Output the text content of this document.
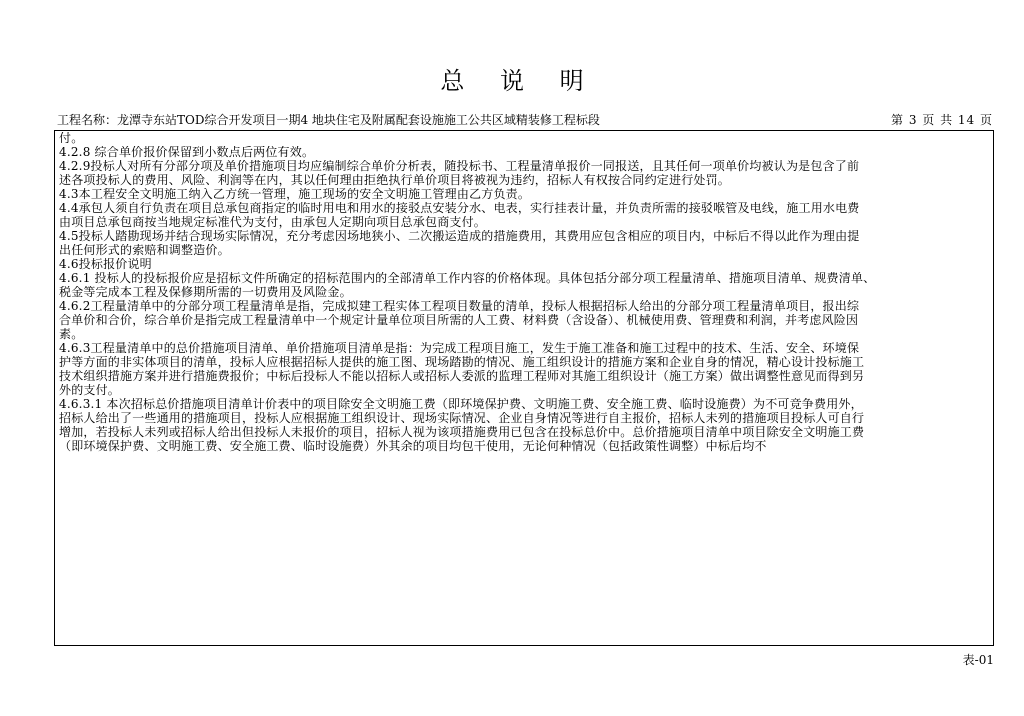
总 说 明
工程名称：龙潭寺东站TOD综合开发项目一期4 地块住宅及附属配套设施施工公共区域精装修工程标段	第 3 页 共 14 页
付。
4.2.8 综合单价报价保留到小数点后两位有效。
4.2.9投标人对所有分部分项及单价措施项目均应编制综合单价分析表，随投标书、工程量清单报价一同报送，且其任何一项单价均被认为是包含了前
述各项投标人的费用、风险、利润等在内，其以任何理由拒绝执行单价项目将被视为违约，招标人有权按合同约定进行处罚。
4.3本工程安全文明施工纳入乙方统一管理，施工现场的安全文明施工管理由乙方负责。
4.4承包人须自行负责在项目总承包商指定的临时用电和用水的接驳点安装分水、电表，实行挂表计量，并负责所需的接驳喉管及电线，施工用水电费
由项目总承包商按当地规定标准代为支付，由承包人定期向项目总承包商支付。
4.5投标人踏勘现场并结合现场实际情况，充分考虑因场地狭小、二次搬运造成的措施费用，其费用应包含相应的项目内，中标后不得以此作为理由提
出任何形式的索赔和调整造价。
4.6投标报价说明
4.6.1 投标人的投标报价应是招标文件所确定的招标范围内的全部清单工作内容的价格体现。具体包括分部分项工程量清单、措施项目清单、规费清单、
税金等完成本工程及保修期所需的一切费用及风险金。
4.6.2工程量清单中的分部分项工程量清单是指，完成拟建工程实体工程项目数量的清单，投标人根据招标人给出的分部分项工程量清单项目，报出综
合单价和合价，综合单价是指完成工程量清单中一个规定计量单位项目所需的人工费、材料费（含设备）、机械使用费、管理费和利润，并考虑风险因
素。
4.6.3工程量清单中的总价措施项目清单、单价措施项目清单是指：为完成工程项目施工，发生于施工准备和施工过程中的技术、生活、安全、环境保
护等方面的非实体项目的清单，投标人应根据招标人提供的施工图、现场踏勘的情况、施工组织设计的措施方案和企业自身的情况，精心设计投标施工
技术组织措施方案并进行措施费报价；中标后投标人不能以招标人或招标人委派的监理工程师对其施工组织设计（施工方案）做出调整性意见而得到另
外的支付。
4.6.3.1 本次招标总价措施项目清单计价表中的项目除安全文明施工费（即环境保护费、文明施工费、安全施工费、临时设施费）为不可竞争费用外，
招标人给出了一些通用的措施项目，投标人应根据施工组织设计、现场实际情况、企业自身情况等进行自主报价，招标人未列的措施项目投标人可自行
增加，若投标人未列或招标人给出但投标人未报价的项目，招标人视为该项措施费用已包含在投标总价中。总价措施项目清单中项目除安全文明施工费
（即环境保护费、文明施工费、安全施工费、临时设施费）外其余的项目均包干使用，无论何种情况（包括政策性调整）中标后均不
表-01
